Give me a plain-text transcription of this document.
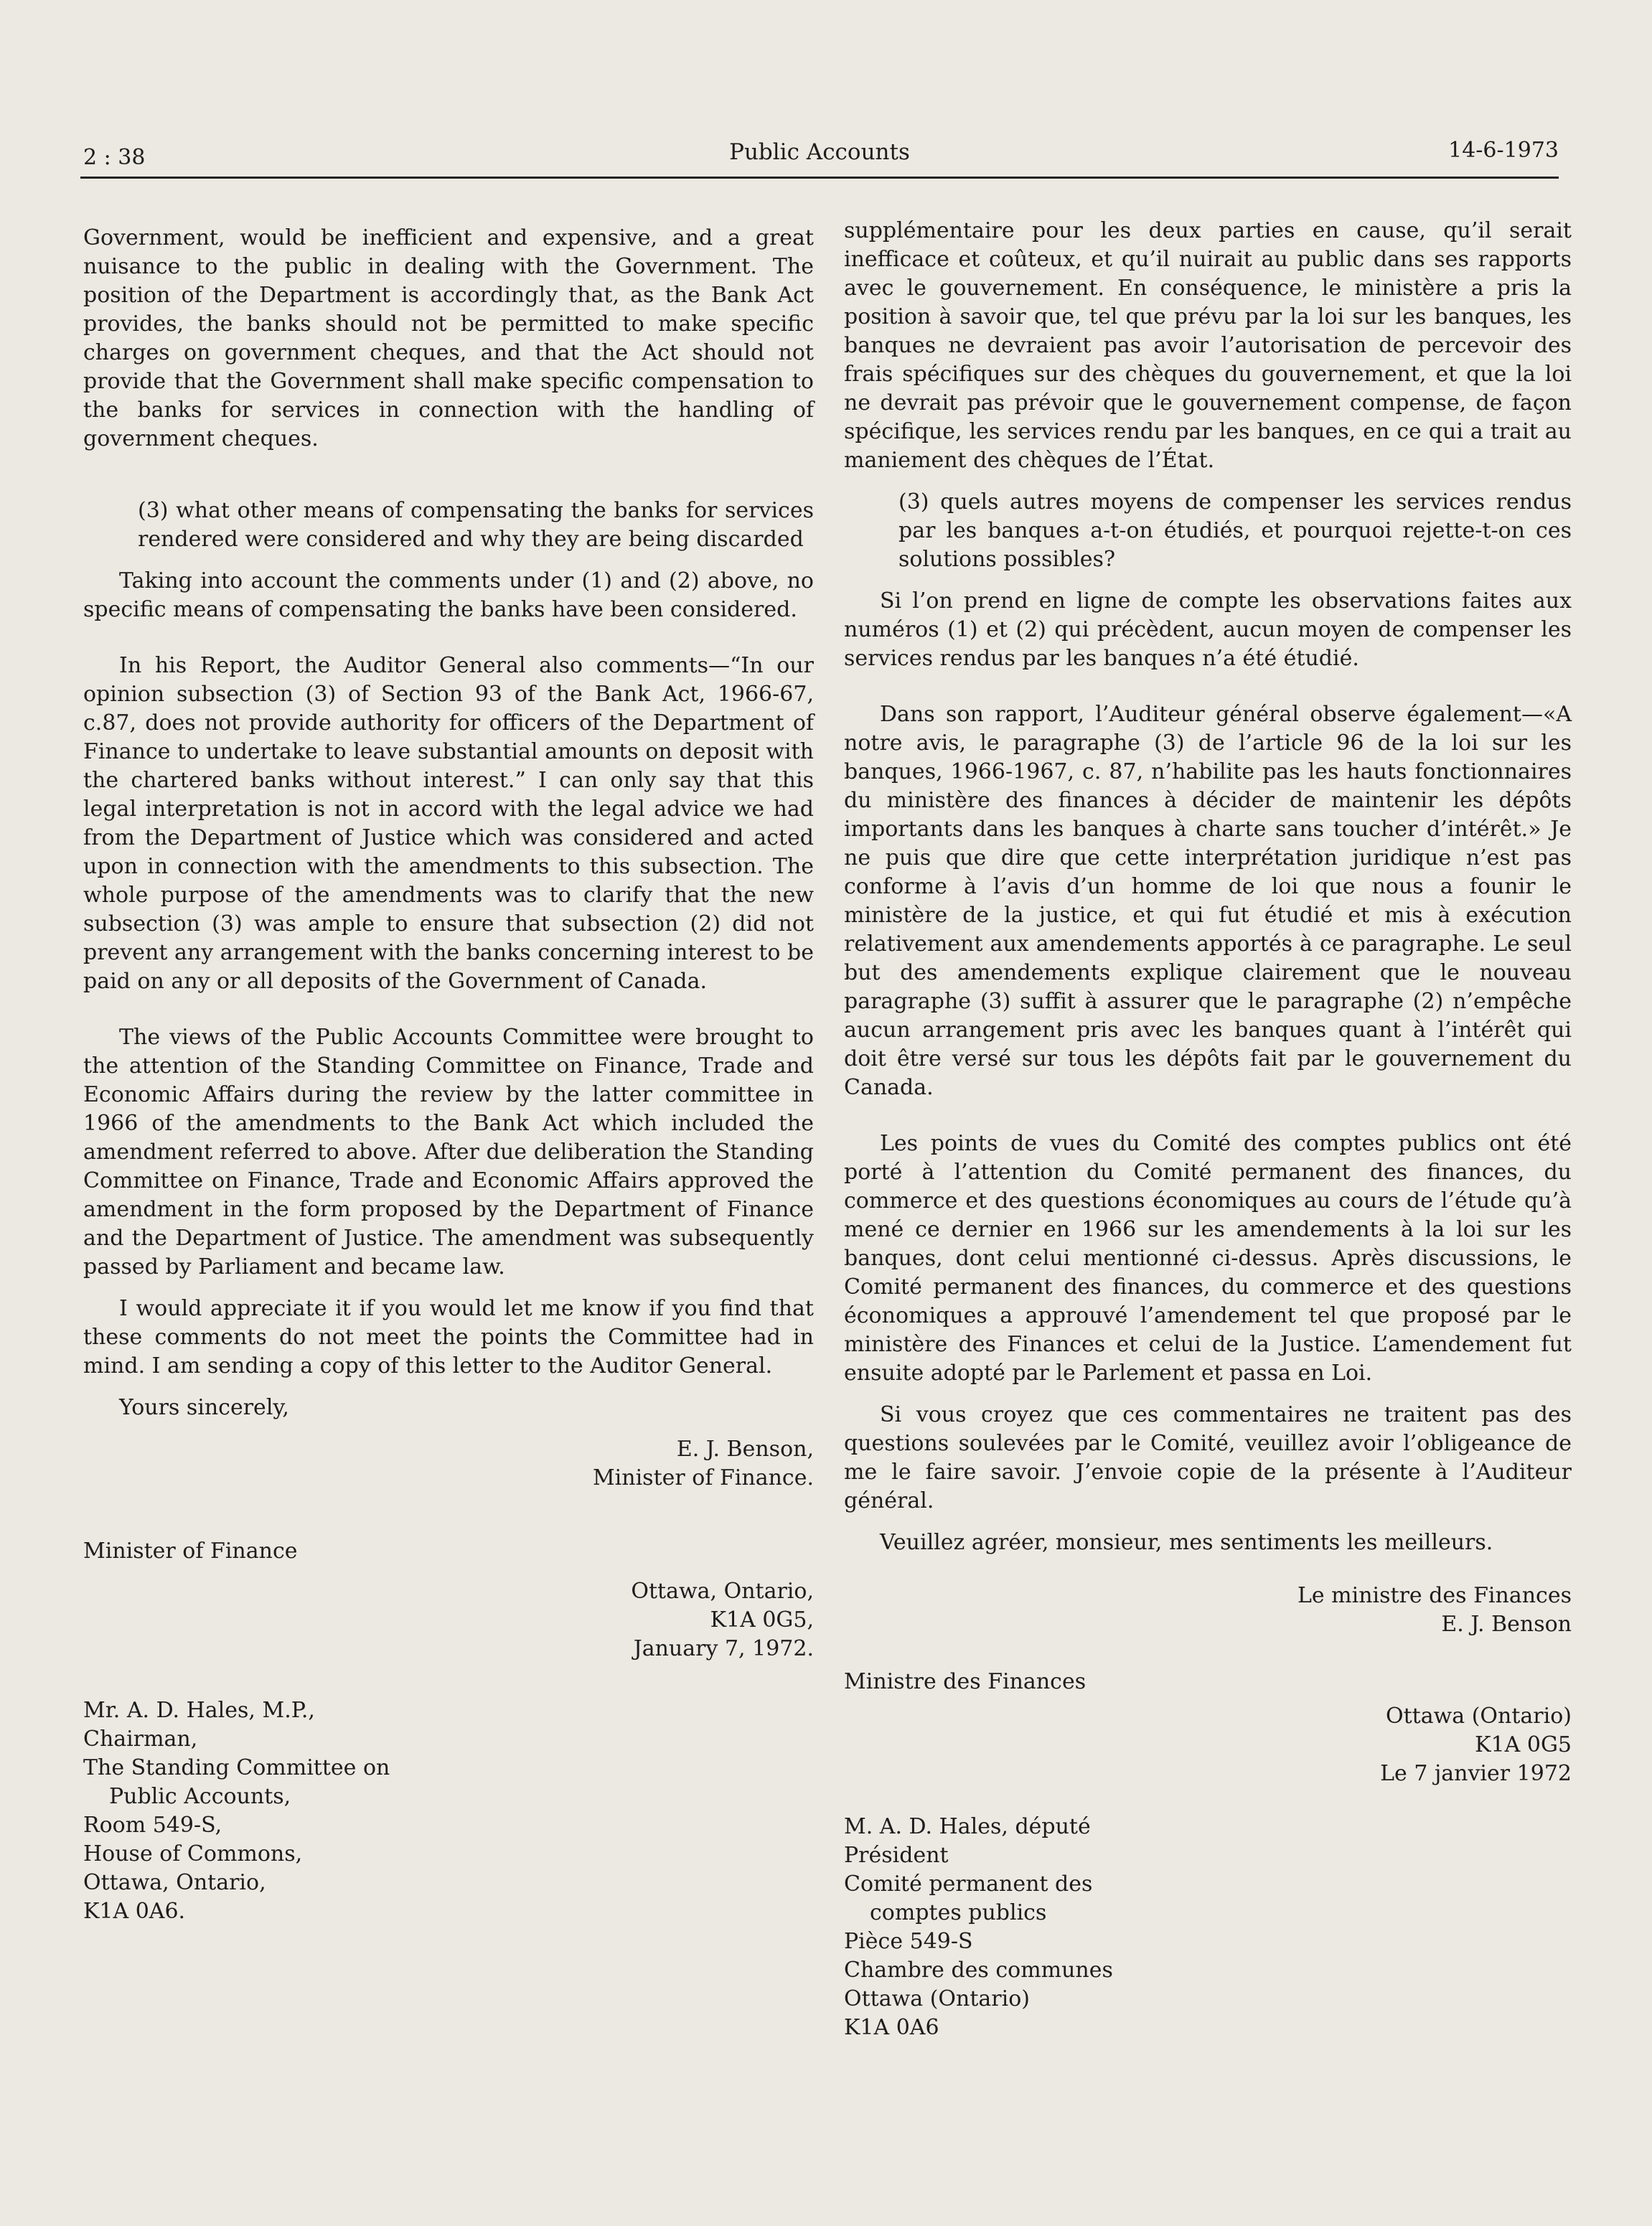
2 : 38	Public Accounts	14-6-1973

Government, would be inefficient and expensive, and a great nuisance to the public in dealing with the Government. The position of the Department is accordingly that, as the Bank Act provides, the banks should not be permitted to make specific charges on government cheques, and that the Act should not provide that the Government shall make specific compensation to the banks for services in connection with the handling of government cheques.

(3) what other means of compensating the banks for services rendered were considered and why they are being discarded

Taking into account the comments under (1) and (2) above, no specific means of compensating the banks have been considered.

In his Report, the Auditor General also comments—“In our opinion subsection (3) of Section 93 of the Bank Act, 1966-67, c.87, does not provide authority for officers of the Department of Finance to undertake to leave substantial amounts on deposit with the chartered banks without interest.” I can only say that this legal interpretation is not in accord with the legal advice we had from the Department of Justice which was considered and acted upon in connection with the amendments to this subsection. The whole purpose of the amendments was to clarify that the new subsection (3) was ample to ensure that subsection (2) did not prevent any arrangement with the banks concerning interest to be paid on any or all deposits of the Government of Canada.

The views of the Public Accounts Committee were brought to the attention of the Standing Committee on Finance, Trade and Economic Affairs during the review by the latter committee in 1966 of the amendments to the Bank Act which included the amendment referred to above. After due deliberation the Standing Committee on Finance, Trade and Economic Affairs approved the amendment in the form proposed by the Department of Finance and the Department of Justice. The amendment was subsequently passed by Parliament and became law.

I would appreciate it if you would let me know if you find that these comments do not meet the points the Committee had in mind. I am sending a copy of this letter to the Auditor General.

Yours sincerely,

E. J. Benson,
Minister of Finance.
Minister of Finance
Ottawa, Ontario,
K1A 0G5,
January 7, 1972.
Mr. A. D. Hales, M.P.,
Chairman,
The Standing Committee on
Public Accounts,
Room 549-S,
House of Commons,
Ottawa, Ontario,
K1A 0A6.

supplémentaire pour les deux parties en cause, qu’il serait inefficace et coûteux, et qu’il nuirait au public dans ses rapports avec le gouvernement. En conséquence, le ministère a pris la position à savoir que, tel que prévu par la loi sur les banques, les banques ne devraient pas avoir l’autorisation de percevoir des frais spécifiques sur des chèques du gouvernement, et que la loi ne devrait pas prévoir que le gouvernement compense, de façon spécifique, les services rendu par les banques, en ce qui a trait au maniement des chèques de l’État.

(3) quels autres moyens de compenser les services rendus par les banques a-t-on étudiés, et pourquoi rejette-t-on ces solutions possibles?

Si l’on prend en ligne de compte les observations faites aux numéros (1) et (2) qui précèdent, aucun moyen de compenser les services rendus par les banques n’a été étudié.

Dans son rapport, l’Auditeur général observe également—«A notre avis, le paragraphe (3) de l’article 96 de la loi sur les banques, 1966-1967, c. 87, n’habilite pas les hauts fonctionnaires du ministère des finances à décider de maintenir les dépôts importants dans les banques à charte sans toucher d’intérêt.» Je ne puis que dire que cette interprétation juridique n’est pas conforme à l’avis d’un homme de loi que nous a founir le ministère de la justice, et qui fut étudié et mis à exécution relativement aux amendements apportés à ce paragraphe. Le seul but des amendements explique clairement que le nouveau paragraphe (3) suffit à assurer que le paragraphe (2) n’empêche aucun arrangement pris avec les banques quant à l’intérêt qui doit être versé sur tous les dépôts fait par le gouvernement du Canada.

Les points de vues du Comité des comptes publics ont été porté à l’attention du Comité permanent des finances, du commerce et des questions économiques au cours de l’étude qu’à mené ce dernier en 1966 sur les amendements à la loi sur les banques, dont celui mentionné ci-dessus. Après discussions, le Comité permanent des finances, du commerce et des questions économiques a approuvé l’amendement tel que proposé par le ministère des Finances et celui de la Justice. L’amendement fut ensuite adopté par le Parlement et passa en Loi.

Si vous croyez que ces commentaires ne traitent pas des questions soulevées par le Comité, veuillez avoir l’obligeance de me le faire savoir. J’envoie copie de la présente à l’Auditeur général.

Veuillez agréer, monsieur, mes sentiments les meilleurs.

Le ministre des Finances
E. J. Benson
Ministre des Finances
Ottawa (Ontario)
K1A 0G5
Le 7 janvier 1972
M. A. D. Hales, député
Président
Comité permanent des
comptes publics
Pièce 549-S
Chambre des communes
Ottawa (Ontario)
K1A 0A6
